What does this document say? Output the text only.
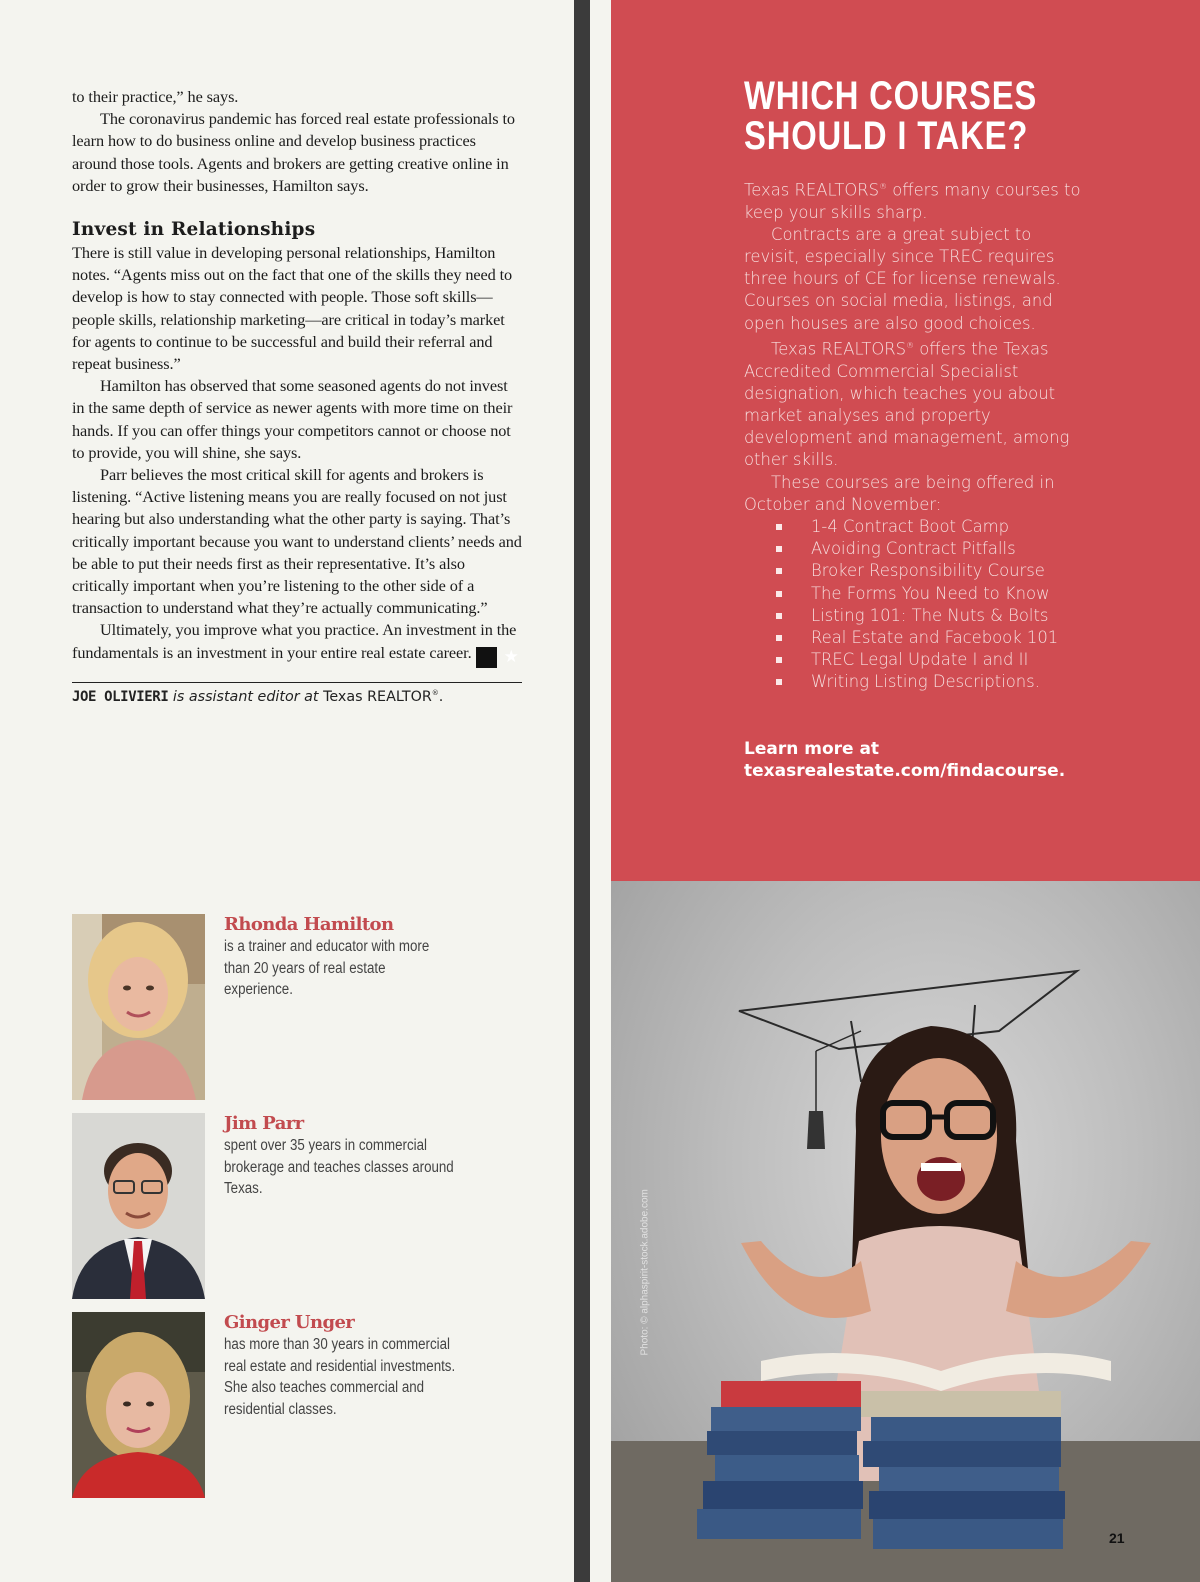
to their practice,” he says.

The coronavirus pandemic has forced real estate professionals to learn how to do business online and develop business practices around those tools. Agents and brokers are getting creative online in order to grow their businesses, Hamilton says.

Invest in Relationships

There is still value in developing personal relationships, Hamilton notes. “Agents miss out on the fact that one of the skills they need to develop is how to stay connected with people. Those soft skills—people skills, relationship marketing—are critical in today’s market for agents to continue to be successful and build their referral and repeat business.”

Hamilton has observed that some seasoned agents do not invest in the same depth of service as newer agents with more time on their hands. If you can offer things your competitors cannot or choose not to provide, you will shine, she says.

Parr believes the most critical skill for agents and brokers is listening. “Active listening means you are really focused on not just hearing but also understanding what the other party is saying. That’s critically important because you want to understand clients’ needs and be able to put their needs first as their representative. It’s also critically important when you’re listening to the other side of a transaction to understand what they’re actually communicating.”

Ultimately, you improve what you practice. An investment in the fundamentals is an investment in your entire real estate career. ★

JOE OLIVIERI is assistant editor at Texas REALTOR®.
Rhonda Hamilton
is a trainer and educator with more than 20 years of real estate experience.
Jim Parr
spent over 35 years in commercial brokerage and teaches classes around Texas.
Ginger Unger
has more than 30 years in commercial real estate and residential investments. She also teaches commercial and residential classes.
WHICH COURSES
SHOULD I TAKE?

Texas REALTORS® offers many courses to keep your skills sharp.

Contracts are a great subject to revisit, especially since TREC requires three hours of CE for license renewals. Courses on social media, listings, and open houses are also good choices.

Texas REALTORS® offers the Texas Accredited Commercial Specialist designation, which teaches you about market analyses and property development and management, among other skills.

These courses are being offered in October and November:

1-4 Contract Boot Camp
Avoiding Contract Pitfalls
Broker Responsibility Course
The Forms You Need to Know
Listing 101: The Nuts & Bolts
Real Estate and Facebook 101
TREC Legal Update I and II
Writing Listing Descriptions.
Learn more at
texasrealestate.com/findacourse.
Photo: © alphaspirit-stock.adobe.com
21
